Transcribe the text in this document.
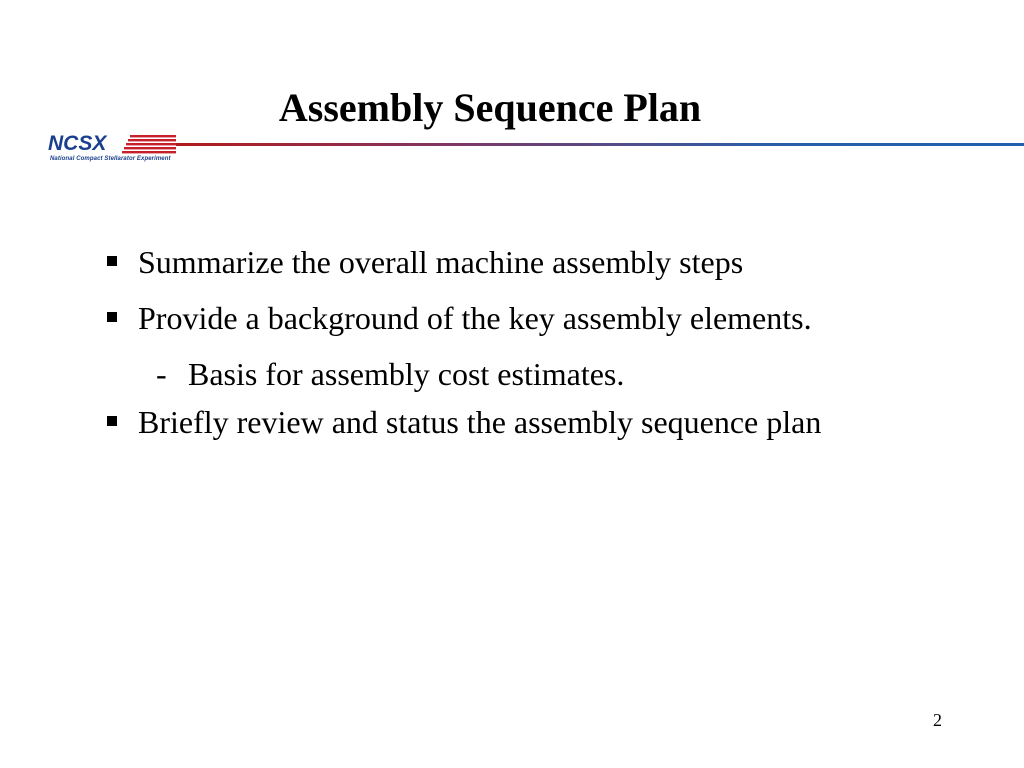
Assembly Sequence Plan
NCSX
National Compact Stellarator Experiment
Summarize the overall machine assembly steps
Provide a background of the key assembly elements.
- Basis for assembly cost estimates.
Briefly review and status the assembly sequence plan
2
